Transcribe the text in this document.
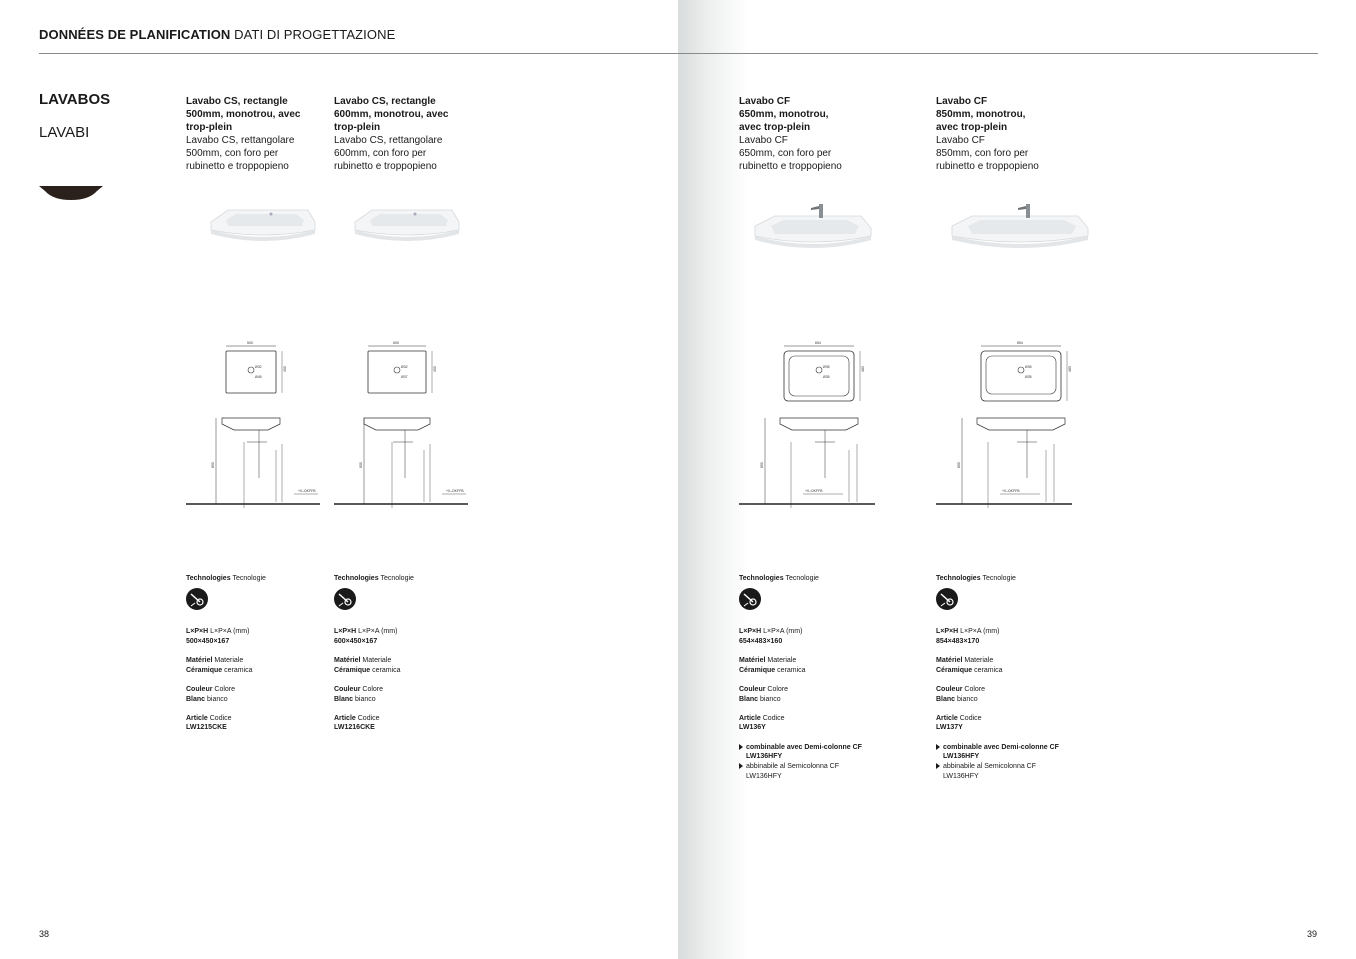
DONNÉES DE PLANIFICATION DATI DI PROGETTAZIONE
LAVABOS
LAVABI
Lavabo CS, rectangle
500mm, monotrou, avec
trop-plein
Lavabo CS, rettangolare
500mm, con foro per
rubinetto e troppopieno
500
450
Ø32
Ø45
850
+0–OKFFB
Technologies Tecnologie
L×P×H L×P×A (mm)
500×450×167
Matériel Materiale
Céramique ceramica
Couleur Colore
Blanc bianco
Article Codice
LW1215CKE
Lavabo CS, rectangle
600mm, monotrou, avec
trop-plein
Lavabo CS, rettangolare
600mm, con foro per
rubinetto e troppopieno
600
450
Ø32
Ø37
850
+0–OKFFB
Technologies Tecnologie
L×P×H L×P×A (mm)
600×450×167
Matériel Materiale
Céramique ceramica
Couleur Colore
Blanc bianco
Article Codice
LW1216CKE
Lavabo CF
650mm, monotrou,
avec trop-plein
Lavabo CF
650mm, con foro per
rubinetto e troppopieno
654
483
Ø35
Ø35
850
+0–OKFFB
Technologies Tecnologie
L×P×H L×P×A (mm)
654×483×160
Matériel Materiale
Céramique ceramica
Couleur Colore
Blanc bianco
Article Codice
LW136Y
combinable avec Demi-colonne CF
LW136HFY
abbinabile al Semicolonna CF
LW136HFY
Lavabo CF
850mm, monotrou,
avec trop-plein
Lavabo CF
850mm, con foro per
rubinetto e troppopieno
854
483
Ø35
Ø35
850
+0–OKFFB
Technologies Tecnologie
L×P×H L×P×A (mm)
854×483×170
Matériel Materiale
Céramique ceramica
Couleur Colore
Blanc bianco
Article Codice
LW137Y
combinable avec Demi-colonne CF
LW136HFY
abbinabile al Semicolonna CF
LW136HFY
38	39
